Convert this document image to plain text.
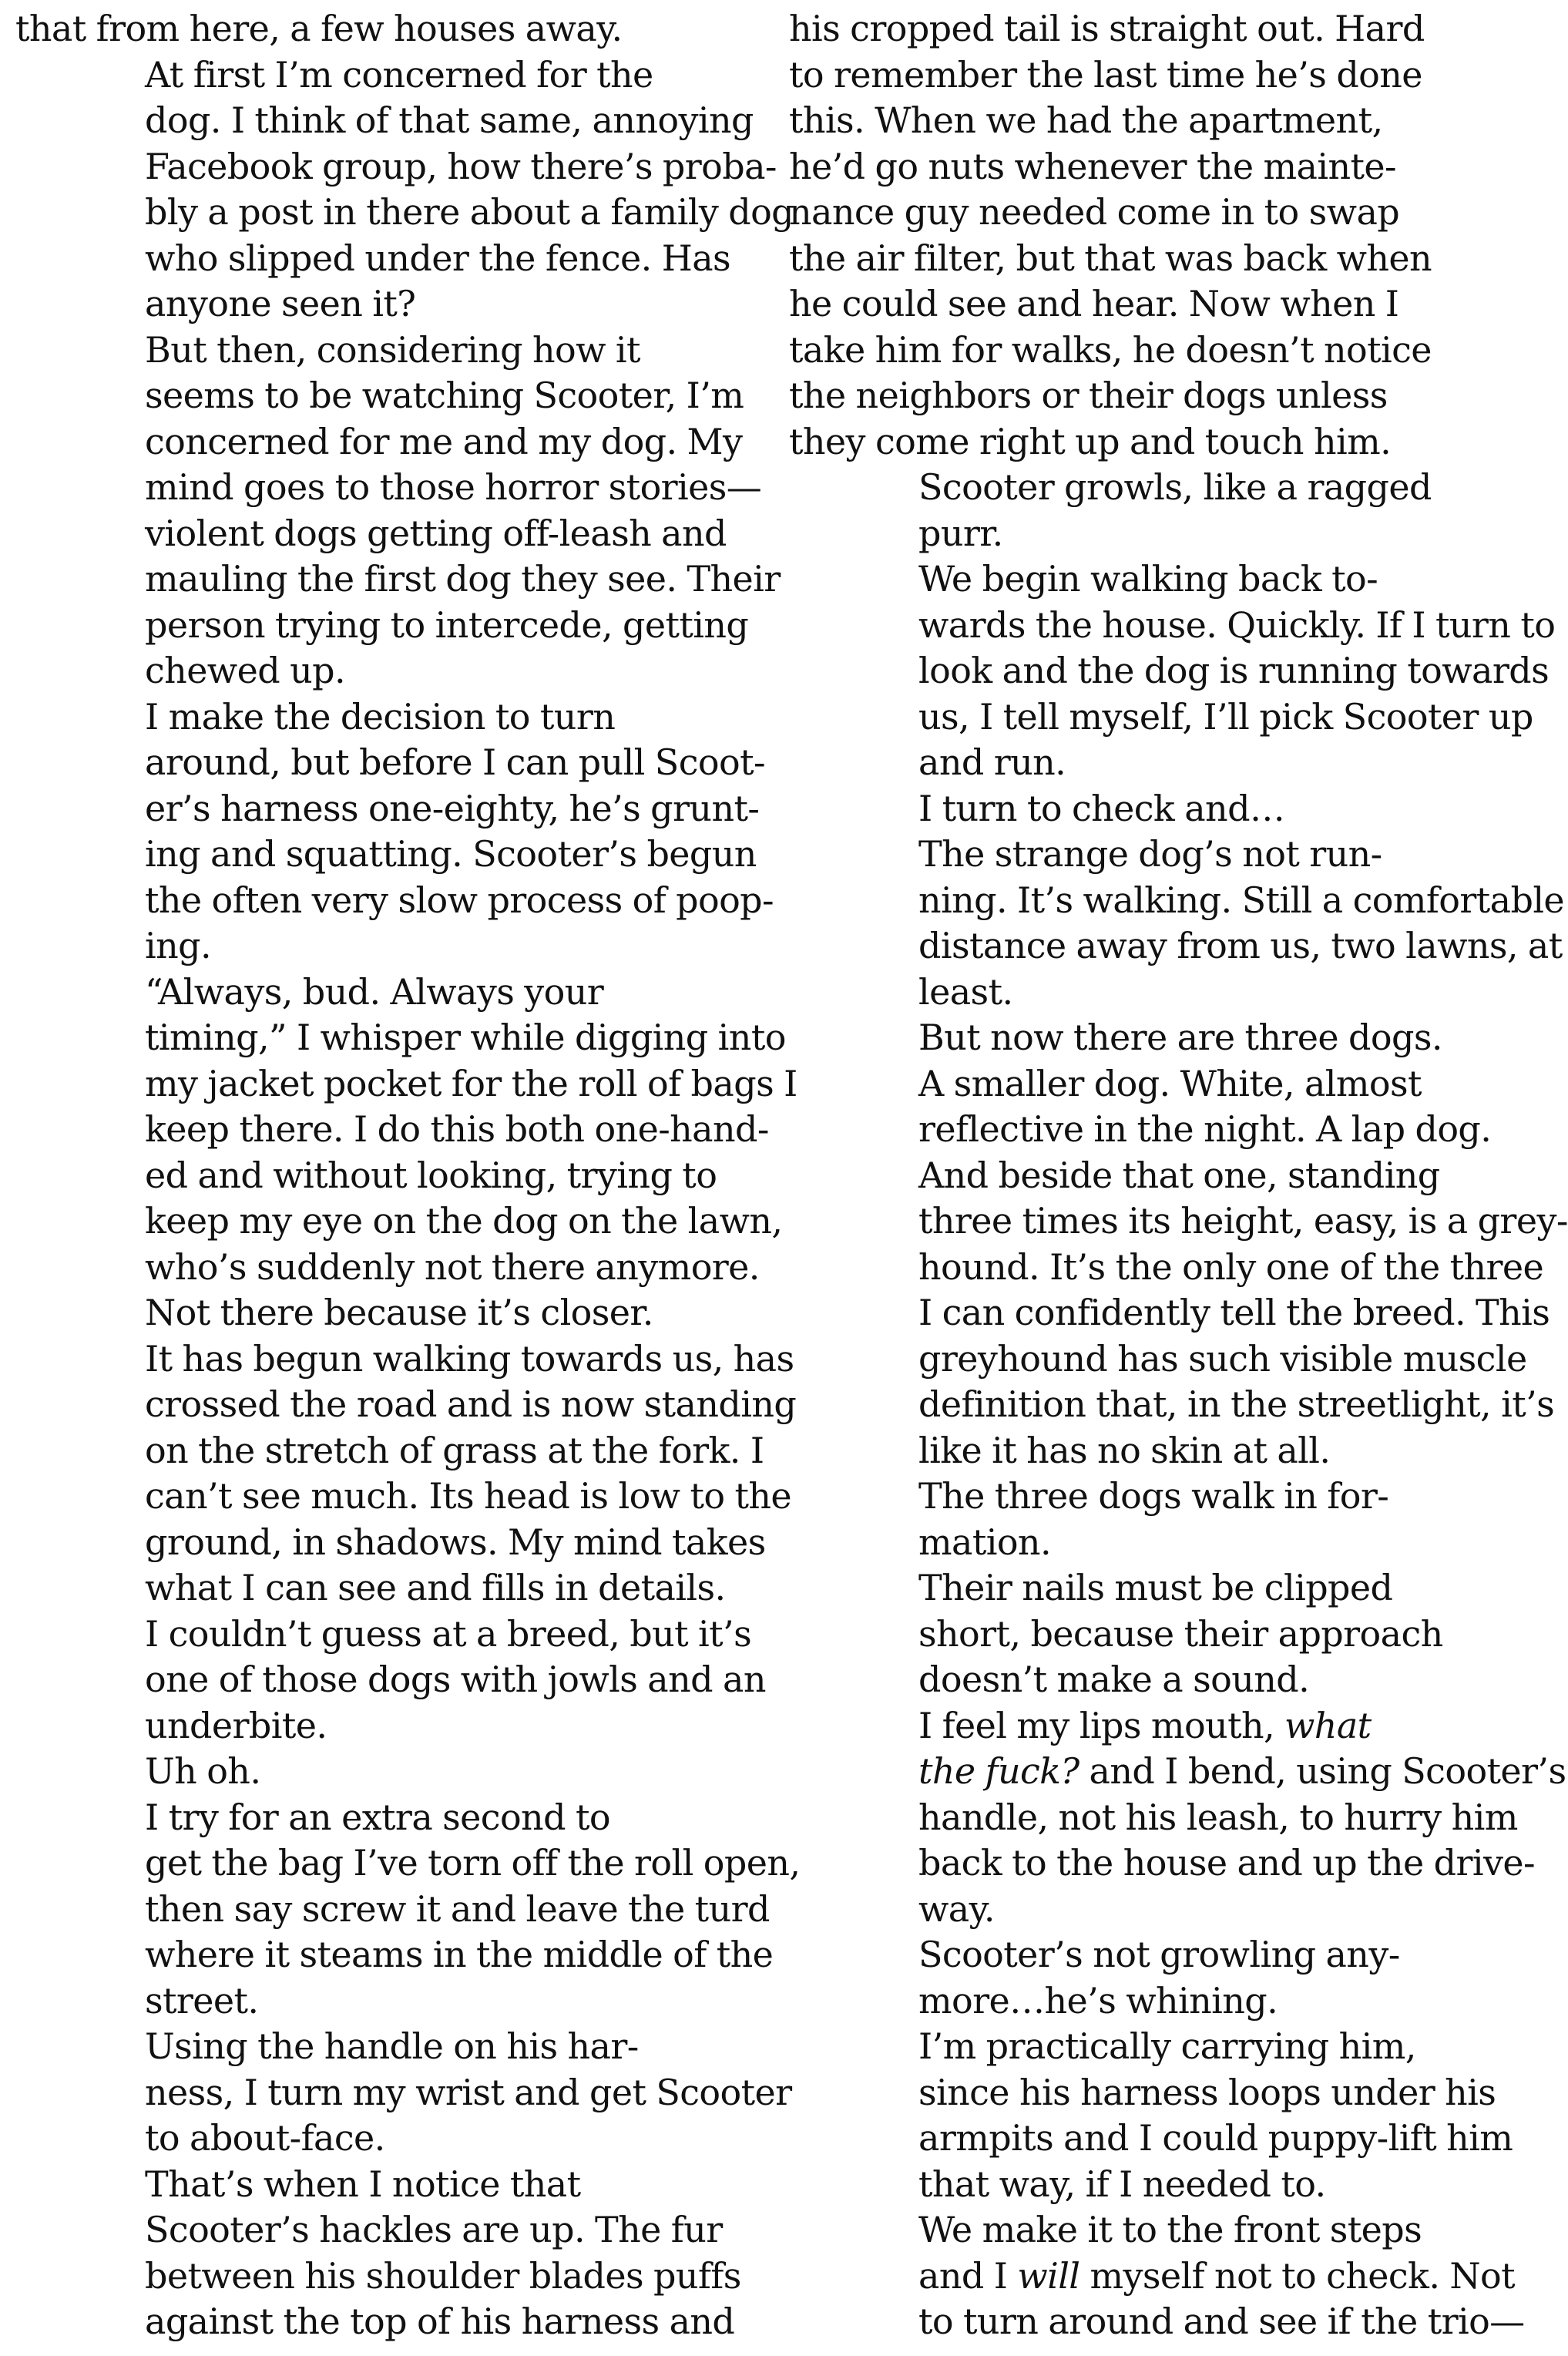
that from here, a few houses away.

At first I’m concerned for the
dog. I think of that same, annoying
Facebook group, how there’s proba-
bly a post in there about a family dog
who slipped under the fence. Has
anyone seen it?

But then, considering how it
seems to be watching Scooter, I’m
concerned for me and my dog. My
mind goes to those horror stories—
violent dogs getting off-leash and
mauling the first dog they see. Their
person trying to intercede, getting
chewed up.

I make the decision to turn
around, but before I can pull Scoot-
er’s harness one-eighty, he’s grunt-
ing and squatting. Scooter’s begun
the often very slow process of poop-
ing.

“Always, bud. Always your
timing,” I whisper while digging into
my jacket pocket for the roll of bags I
keep there. I do this both one-hand-
ed and without looking, trying to
keep my eye on the dog on the lawn,
who’s suddenly not there anymore.

Not there because it’s closer.
It has begun walking towards us, has
crossed the road and is now standing
on the stretch of grass at the fork. I
can’t see much. Its head is low to the
ground, in shadows. My mind takes
what I can see and fills in details.
I couldn’t guess at a breed, but it’s
one of those dogs with jowls and an
underbite.

Uh oh.

I try for an extra second to
get the bag I’ve torn off the roll open,
then say screw it and leave the turd
where it steams in the middle of the
street.

Using the handle on his har-
ness, I turn my wrist and get Scooter
to about-face.

That’s when I notice that
Scooter’s hackles are up. The fur
between his shoulder blades puffs
against the top of his harness and

his cropped tail is straight out. Hard
to remember the last time he’s done
this. When we had the apartment,
he’d go nuts whenever the mainte-
nance guy needed come in to swap
the air filter, but that was back when
he could see and hear. Now when I
take him for walks, he doesn’t notice
the neighbors or their dogs unless
they come right up and touch him.

Scooter growls, like a ragged
purr.

We begin walking back to-
wards the house. Quickly. If I turn to
look and the dog is running towards
us, I tell myself, I’ll pick Scooter up
and run.

I turn to check and…

The strange dog’s not run-
ning. It’s walking. Still a comfortable
distance away from us, two lawns, at
least.

But now there are three dogs.

A smaller dog. White, almost
reflective in the night. A lap dog.

And beside that one, standing
three times its height, easy, is a grey-
hound. It’s the only one of the three
I can confidently tell the breed. This
greyhound has such visible muscle
definition that, in the streetlight, it’s
like it has no skin at all.

The three dogs walk in for-
mation.

Their nails must be clipped
short, because their approach
doesn’t make a sound.

I feel my lips mouth, what
the fuck? and I bend, using Scooter’s
handle, not his leash, to hurry him
back to the house and up the drive-
way.

Scooter’s not growling any-
more…he’s whining.

I’m practically carrying him,
since his harness loops under his
armpits and I could puppy-lift him
that way, if I needed to.

We make it to the front steps
and I will myself not to check. Not
to turn around and see if the trio—
